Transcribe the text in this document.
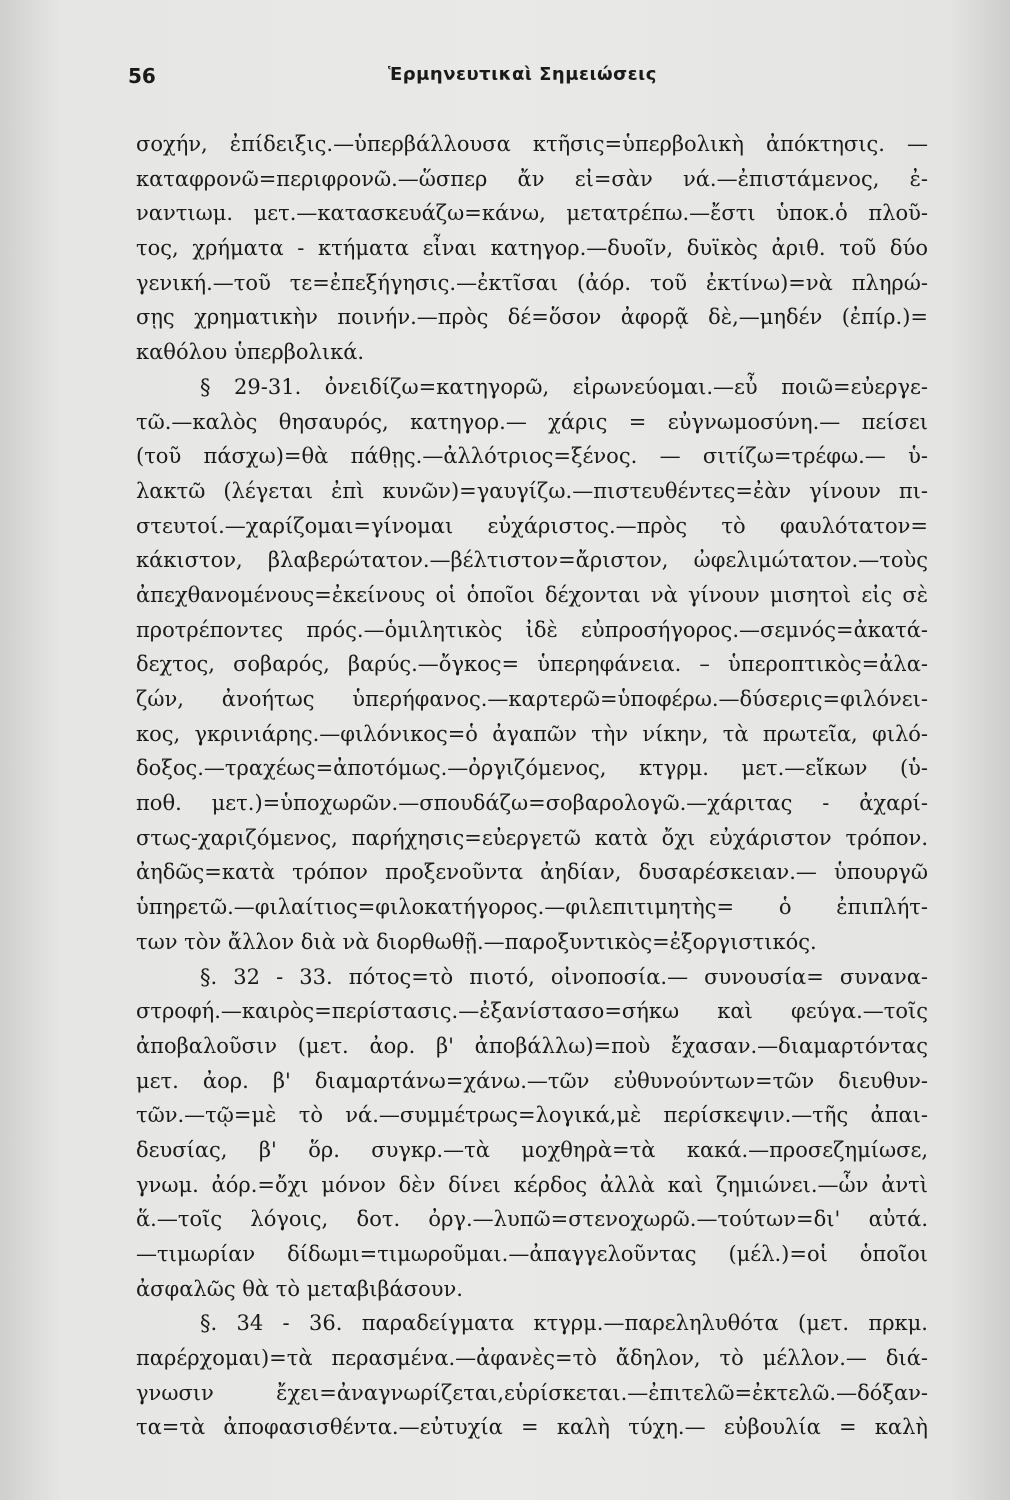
56	Ἑρμηνευτικαὶ Σημειώσεις
σοχήν, ἐπίδειξις.—ὑπερβάλλουσα κτῆσις=ὑπερβολικὴ ἀπόκτησις. —
καταφρονῶ=περιφρονῶ.—ὥσπερ ἄν εἰ=σὰν νά.—ἐπιστάμενος, ἐ-
ναντιωμ. μετ.—κατασκευάζω=κάνω, μετατρέπω.—ἔστι ὑποκ.ὁ πλοῦ-
τος, χρήματα - κτήματα εἶναι κατηγορ.—δυοῖν, δυϊκὸς ἀριθ. τοῦ δύο
γενική.—τοῦ τε=ἐπεξήγησις.—ἐκτῖσαι (ἀόρ. τοῦ ἐκτίνω)=νὰ πληρώ-
σῃς χρηματικὴν ποινήν.—πρὸς δέ=ὅσον ἀφορᾷ δὲ,—μηδέν (ἐπίρ.)=
καθόλου ὑπερβολικά.
§ 29-31. ὀνειδίζω=κατηγορῶ, εἰρωνεύομαι.—εὖ ποιῶ=εὐεργε-
τῶ.—καλὸς θησαυρός, κατηγορ.— χάρις = εὐγνωμοσύνη.— πείσει
(τοῦ πάσχω)=θὰ πάθῃς.—ἀλλότριος=ξένος. — σιτίζω=τρέφω.— ὑ-
λακτῶ (λέγεται ἐπὶ κυνῶν)=γαυγίζω.—πιστευθέντες=ἐὰν γίνουν πι-
στευτοί.—χαρίζομαι=γίνομαι εὐχάριστος.—πρὸς τὸ φαυλότατον=
κάκιστον, βλαβερώτατον.—βέλτιστον=ἄριστον, ὠφελιμώτατον.—τοὺς
ἀπεχθανομένους=ἐκείνους οἱ ὁποῖοι δέχονται νὰ γίνουν μισητοὶ εἰς σὲ
προτρέποντες πρός.—ὁμιλητικὸς ἰδὲ εὐπροσήγορος.—σεμνός=ἀκατά-
δεχτος, σοβαρός, βαρύς.—ὄγκος= ὑπερηφάνεια. – ὑπεροπτικὸς=ἀλα-
ζών, ἀνοήτως ὑπερήφανος.—καρτερῶ=ὑποφέρω.—δύσερις=φιλόνει-
κος, γκρινιάρης.—φιλόνικος=ὁ ἀγαπῶν τὴν νίκην, τὰ πρωτεῖα, φιλό-
δοξος.—τραχέως=ἀποτόμως.—ὀργιζόμενος, κτγρμ. μετ.—εἴκων (ὑ-
ποθ. μετ.)=ὑποχωρῶν.—σπουδάζω=σοβαρολογῶ.—χάριτας - ἀχαρί-
στως-χαριζόμενος, παρήχησις=εὐεργετῶ κατὰ ὄχι εὐχάριστον τρόπον.
ἀηδῶς=κατὰ τρόπον προξενοῦντα ἀηδίαν, δυσαρέσκειαν.— ὑπουργῶ
ὑπηρετῶ.—φιλαίτιος=φιλοκατήγορος.—φιλεπιτιμητὴς= ὁ ἐπιπλήτ-
των τὸν ἄλλον διὰ νὰ διορθωθῇ.—παροξυντικὸς=ἐξοργιστικός.
§. 32 - 33. πότος=τὸ πιοτό, οἰνοποσία.— συνουσία= συνανα-
στροφή.—καιρὸς=περίστασις.—ἐξανίστασο=σήκω καὶ φεύγα.—τοῖς
ἀποβαλοῦσιν (μετ. ἀορ. β' ἀποβάλλω)=ποὺ ἔχασαν.—διαμαρτόντας
μετ. ἀορ. β' διαμαρτάνω=χάνω.—τῶν εὐθυνούντων=τῶν διευθυν-
τῶν.—τῷ=μὲ τὸ νά.—συμμέτρως=λογικά,μὲ περίσκεψιν.—τῆς ἀπαι-
δευσίας, β' ὅρ. συγκρ.—τὰ μοχθηρὰ=τὰ κακά.—προσεζημίωσε,
γνωμ. ἀόρ.=ὄχι μόνον δὲν δίνει κέρδος ἀλλὰ καὶ ζημιώνει.—ὧν ἀντὶ
ἅ.—τοῖς λόγοις, δοτ. ὀργ.—λυπῶ=στενοχωρῶ.—τούτων=δι' αὐτά.
—τιμωρίαν δίδωμι=τιμωροῦμαι.—ἀπαγγελοῦντας (μέλ.)=οἱ ὁποῖοι
ἀσφαλῶς θὰ τὸ μεταβιβάσουν.
§. 34 - 36. παραδείγματα κτγρμ.—παρεληλυθότα (μετ. πρκμ.
παρέρχομαι)=τὰ περασμένα.—ἀφανὲς=τὸ ἄδηλον, τὸ μέλλον.— διά-
γνωσιν ἔχει=ἀναγνωρίζεται,εὑρίσκεται.—ἐπιτελῶ=ἐκτελῶ.—δόξαν-
τα=τὰ ἀποφασισθέντα.—εὐτυχία = καλὴ τύχη.— εὐβουλία = καλὴ
